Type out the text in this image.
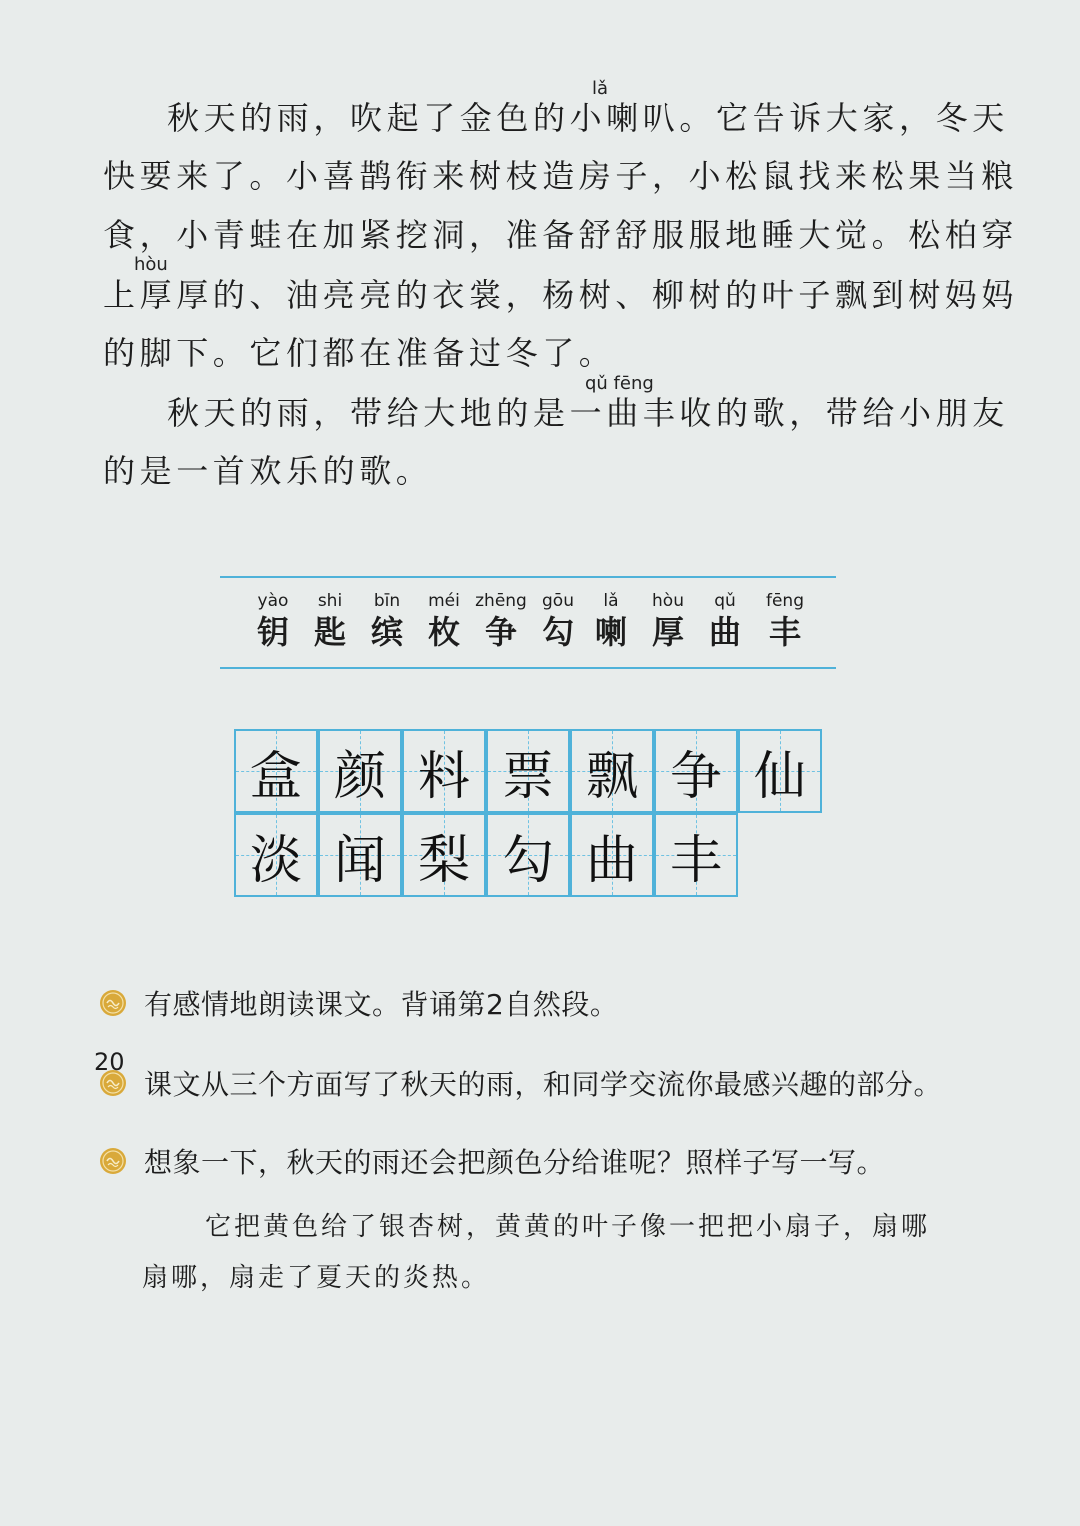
lǎ
秋天的雨，吹起了金色的小喇叭。它告诉大家，冬天
快要来了。小喜鹊衔来树枝造房子，小松鼠找来松果当粮
食，小青蛙在加紧挖洞，准备舒舒服服地睡大觉。松柏穿
hòu
上厚厚的、油亮亮的衣裳，杨树、柳树的叶子飘到树妈妈
的脚下。它们都在准备过冬了。
qǔ fēng
秋天的雨，带给大地的是一曲丰收的歌，带给小朋友
的是一首欢乐的歌。
yào
钥
shi
匙
bīn
缤
méi
枚
zhēng
争
gōu
勾
lǎ
喇
hòu
厚
qǔ
曲
fēng
丰
盒 颜 料 票 飘 争 仙
淡 闻 梨 勾 曲 丰
有感情地朗读课文。背诵第2自然段。
课文从三个方面写了秋天的雨，和同学交流你最感兴趣的部分。
想象一下，秋天的雨还会把颜色分给谁呢？照样子写一写。
它把黄色给了银杏树，黄黄的叶子像一把把小扇子，扇哪
扇哪，扇走了夏天的炎热。
20
